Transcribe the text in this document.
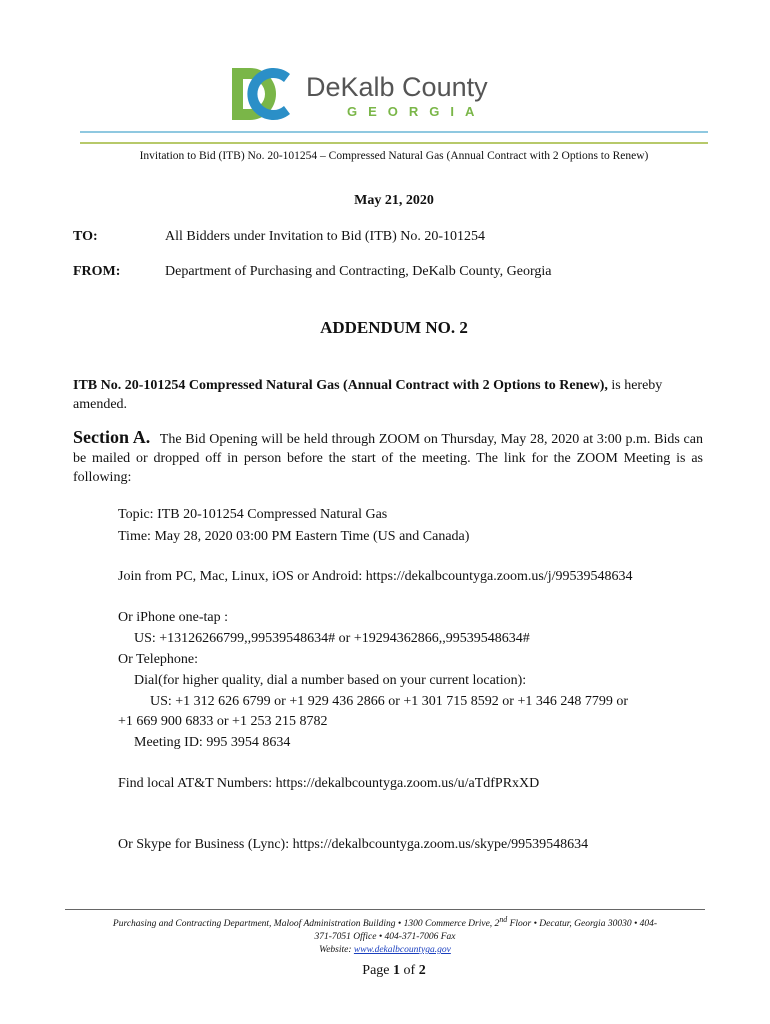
DeKalb County
GEORGIA
Invitation to Bid (ITB) No. 20-101254 – Compressed Natural Gas (Annual Contract with 2 Options to Renew)
May 21, 2020
TO:	All Bidders under Invitation to Bid (ITB) No. 20-101254
FROM:	Department of Purchasing and Contracting, DeKalb County, Georgia
ADDENDUM NO. 2
ITB No. 20-101254 Compressed Natural Gas (Annual Contract with 2 Options to Renew), is hereby amended.
Section A. The Bid Opening will be held through ZOOM on Thursday, May 28, 2020 at 3:00 p.m. Bids can be mailed or dropped off in person before the start of the meeting. The link for the ZOOM Meeting is as following:
Topic: ITB 20-101254 Compressed Natural Gas
Time: May 28, 2020 03:00 PM Eastern Time (US and Canada)
Join from PC, Mac, Linux, iOS or Android: https://dekalbcountyga.zoom.us/j/99539548634
Or iPhone one-tap :
US: +13126266799,,99539548634# or +19294362866,,99539548634#
Or Telephone:
Dial(for higher quality, dial a number based on your current location):
US: +1 312 626 6799 or +1 929 436 2866 or +1 301 715 8592 or +1 346 248 7799 or
+1 669 900 6833 or +1 253 215 8782
Meeting ID: 995 3954 8634
Find local AT&T Numbers: https://dekalbcountyga.zoom.us/u/aTdfPRxXD
Or Skype for Business (Lync): https://dekalbcountyga.zoom.us/skype/99539548634
Purchasing and Contracting Department, Maloof Administration Building • 1300 Commerce Drive, 2nd Floor • Decatur, Georgia 30030 • 404-
371-7051 Office • 404-371-7006 Fax
Website: www.dekalbcountyga.gov
Page 1 of 2
